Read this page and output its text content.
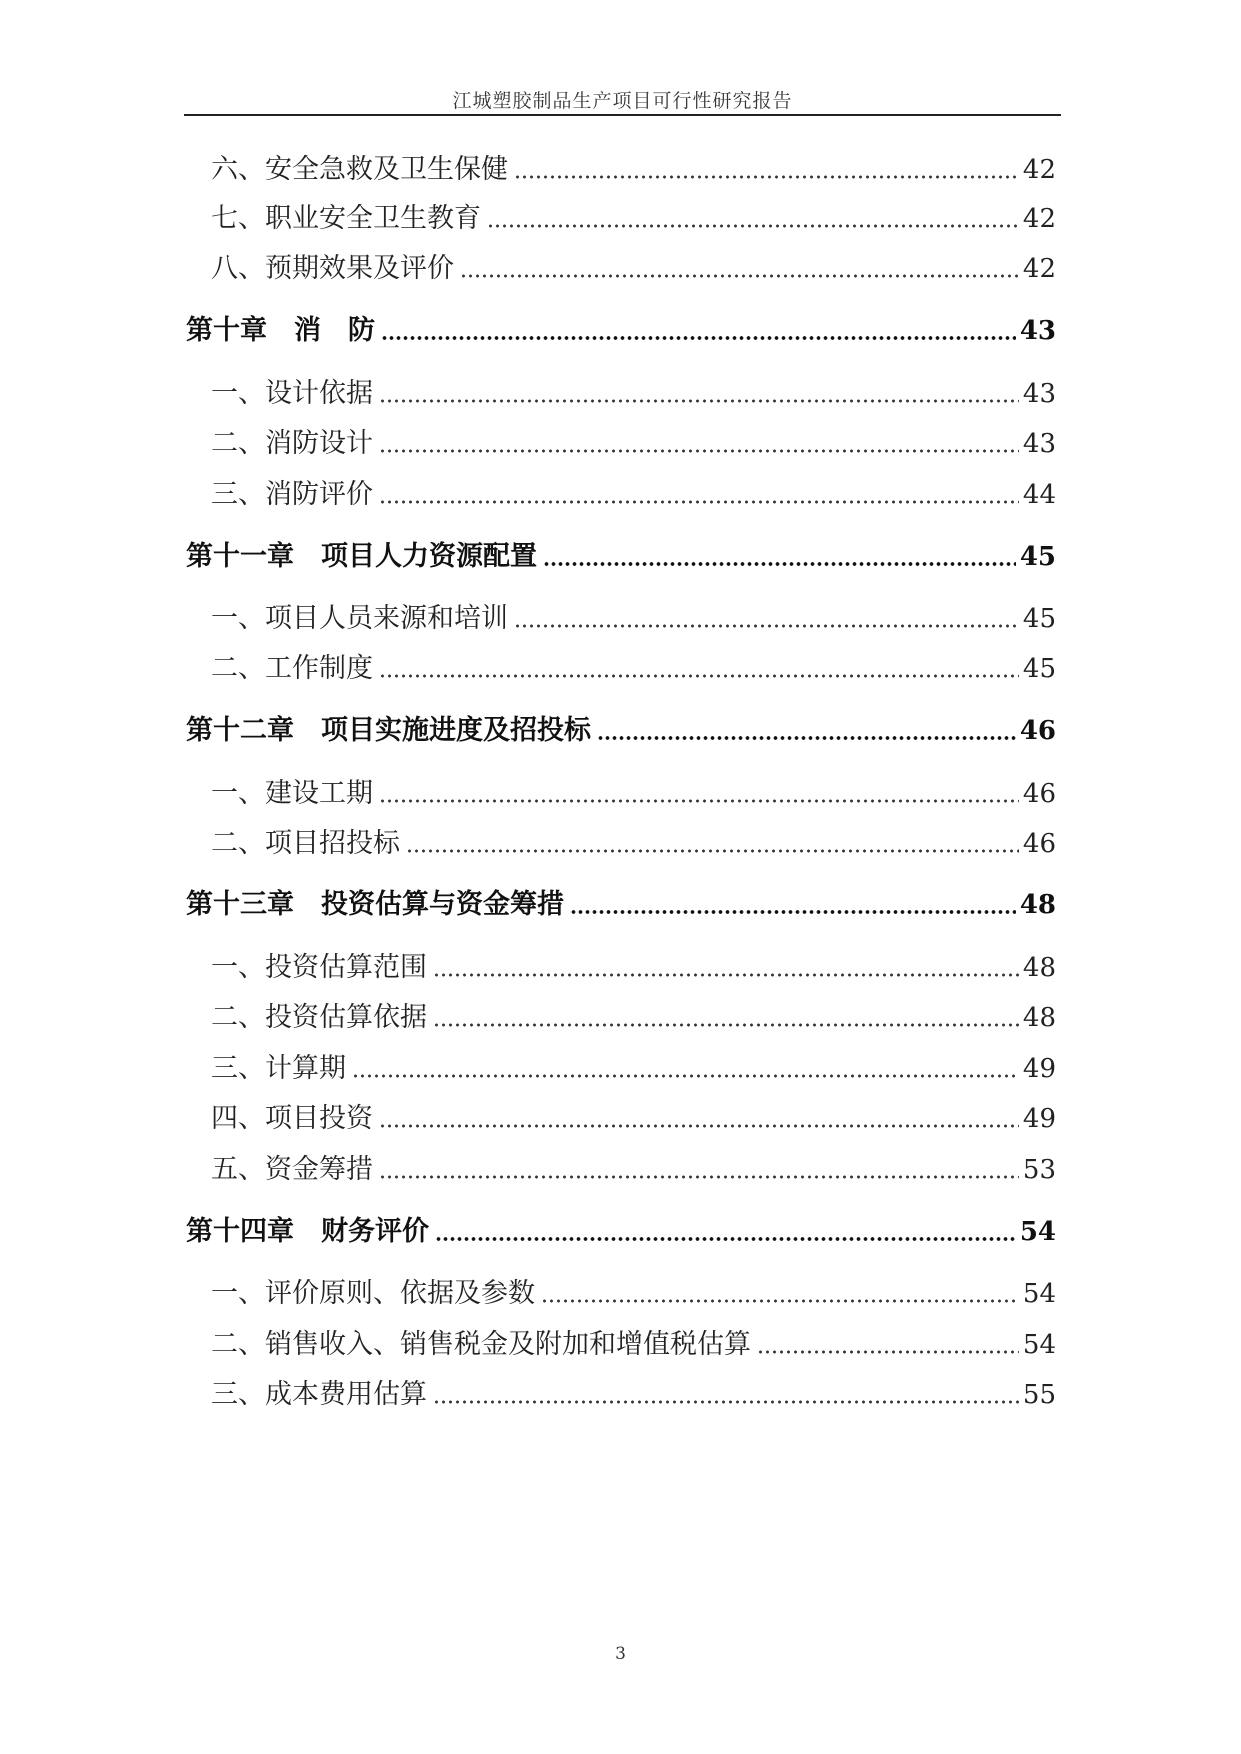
江城塑胶制品生产项目可行性研究报告
六、安全急救及卫生保健	42
七、职业安全卫生教育	42
八、预期效果及评价	42
第十章　消　防	43
一、设计依据	43
二、消防设计	43
三、消防评价	44
第十一章　项目人力资源配置	45
一、项目人员来源和培训	45
二、工作制度	45
第十二章　项目实施进度及招投标	46
一、建设工期	46
二、项目招投标	46
第十三章　投资估算与资金筹措	48
一、投资估算范围	48
二、投资估算依据	48
三、计算期	49
四、项目投资	49
五、资金筹措	53
第十四章　财务评价	54
一、评价原则、依据及参数	54
二、销售收入、销售税金及附加和增值税估算	54
三、成本费用估算	55
3
